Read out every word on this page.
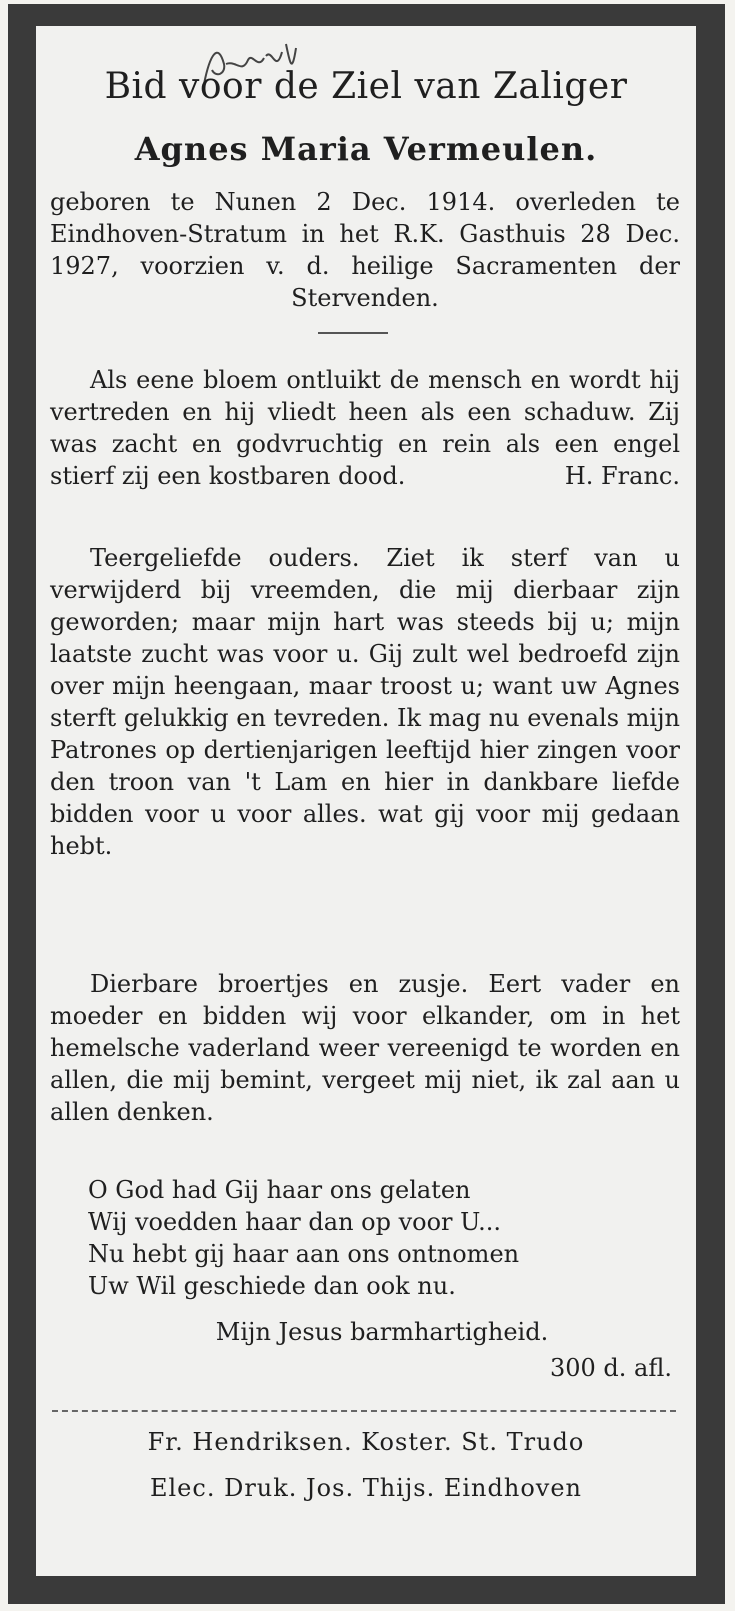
Bid voor de Ziel van Zaliger
Agnes Maria Vermeulen.
geboren te Nunen 2 Dec. 1914. overleden te Eindhoven-Stratum in het R.K. Gasthuis 28 Dec. 1927, voorzien v. d. heilige Sacramenten der Stervenden.
Als eene bloem ontluikt de mensch en wordt hij vertreden en hij vliedt heen als een schaduw. Zij was zacht en godvruchtig en rein als een engel stierf zij een kostbaren dood.	H. Franc.
Teergeliefde ouders. Ziet ik sterf van u verwijderd bij vreemden, die mij dierbaar zijn geworden; maar mijn hart was steeds bij u; mijn laatste zucht was voor u. Gij zult wel bedroefd zijn over mijn heengaan, maar troost u; want uw Agnes sterft gelukkig en tevreden. Ik mag nu evenals mijn Patrones op dertienjarigen leeftijd hier zingen voor den troon van 't Lam en hier in dankbare liefde bidden voor u voor alles. wat gij voor mij gedaan hebt.
Dierbare broertjes en zusje. Eert vader en moeder en bidden wij voor elkander, om in het hemelsche vaderland weer vereenigd te worden en allen, die mij bemint, vergeet mij niet, ik zal aan u allen denken.
O God had Gij haar ons gelaten
Wij voedden haar dan op voor U...
Nu hebt gij haar aan ons ontnomen
Uw Wil geschiede dan ook nu.
Mijn Jesus barmhartigheid.
300 d. afl.
Fr. Hendriksen. Koster. St. Trudo
Elec. Druk. Jos. Thijs. Eindhoven
